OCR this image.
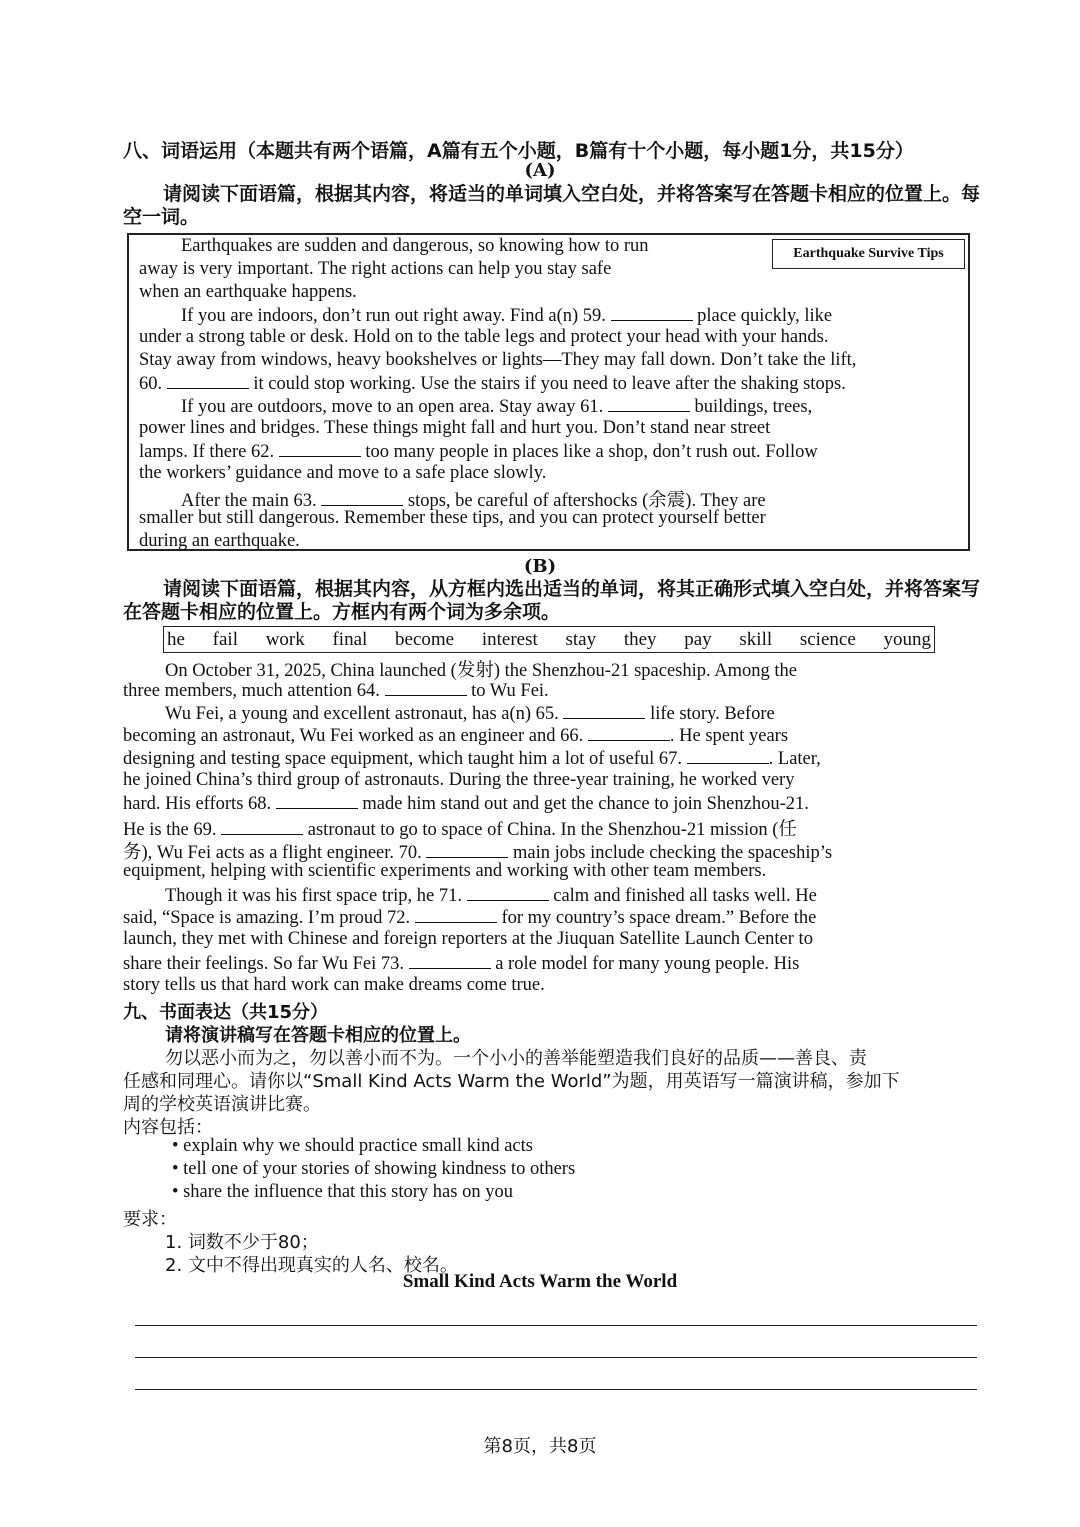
八、词语运用（本题共有两个语篇，A篇有五个小题，B篇有十个小题，每小题1分，共15分）
(A)
请阅读下面语篇，根据其内容，将适当的单词填入空白处，并将答案写在答题卡相应的位置上。每空一词。
Earthquake Survive Tips
Earthquakes are sudden and dangerous, so knowing how to run
away is very important. The right actions can help you stay safe
when an earthquake happens.
If you are indoors, don’t run out right away. Find a(n) 59.	place quickly, like
under a strong table or desk. Hold on to the table legs and protect your head with your hands.
Stay away from windows, heavy bookshelves or lights—They may fall down. Don’t take the lift,
60.	it could stop working. Use the stairs if you need to leave after the shaking stops.
If you are outdoors, move to an open area. Stay away 61.	buildings, trees,
power lines and bridges. These things might fall and hurt you. Don’t stand near street
lamps. If there 62.	too many people in places like a shop, don’t rush out. Follow
the workers’ guidance and move to a safe place slowly.
After the main 63.	stops, be careful of aftershocks (余震). They are
smaller but still dangerous. Remember these tips, and you can protect yourself better
during an earthquake.
(B)
请阅读下面语篇，根据其内容，从方框内选出适当的单词，将其正确形式填入空白处，并将答案写在答题卡相应的位置上。方框内有两个词为多余项。
he fail work final become interest stay they pay skill science young
On October 31, 2025, China launched (发射) the Shenzhou-21 spaceship. Among the
three members, much attention 64.	to Wu Fei.
Wu Fei, a young and excellent astronaut, has a(n) 65.	life story. Before
becoming an astronaut, Wu Fei worked as an engineer and 66.	. He spent years
designing and testing space equipment, which taught him a lot of useful 67.	. Later,
he joined China’s third group of astronauts. During the three-year training, he worked very
hard. His efforts 68.	made him stand out and get the chance to join Shenzhou-21.
He is the 69.	astronaut to go to space of China. In the Shenzhou-21 mission (任
务), Wu Fei acts as a flight engineer. 70.	main jobs include checking the spaceship’s
equipment, helping with scientific experiments and working with other team members.
Though it was his first space trip, he 71.	calm and finished all tasks well. He
said, “Space is amazing. I’m proud 72.	for my country’s space dream.” Before the
launch, they met with Chinese and foreign reporters at the Jiuquan Satellite Launch Center to
share their feelings. So far Wu Fei 73.	a role model for many young people. His
story tells us that hard work can make dreams come true.
九、书面表达（共15分）
请将演讲稿写在答题卡相应的位置上。
勿以恶小而为之，勿以善小而不为。一个小小的善举能塑造我们良好的品质——善良、责
任感和同理心。请你以“Small Kind Acts Warm the World”为题，用英语写一篇演讲稿，参加下
周的学校英语演讲比赛。
内容包括：
• explain why we should practice small kind acts
• tell one of your stories of showing kindness to others
• share the influence that this story has on you
要求：
1. 词数不少于80；
2. 文中不得出现真实的人名、校名。
Small Kind Acts Warm the World
第8页，共8页
